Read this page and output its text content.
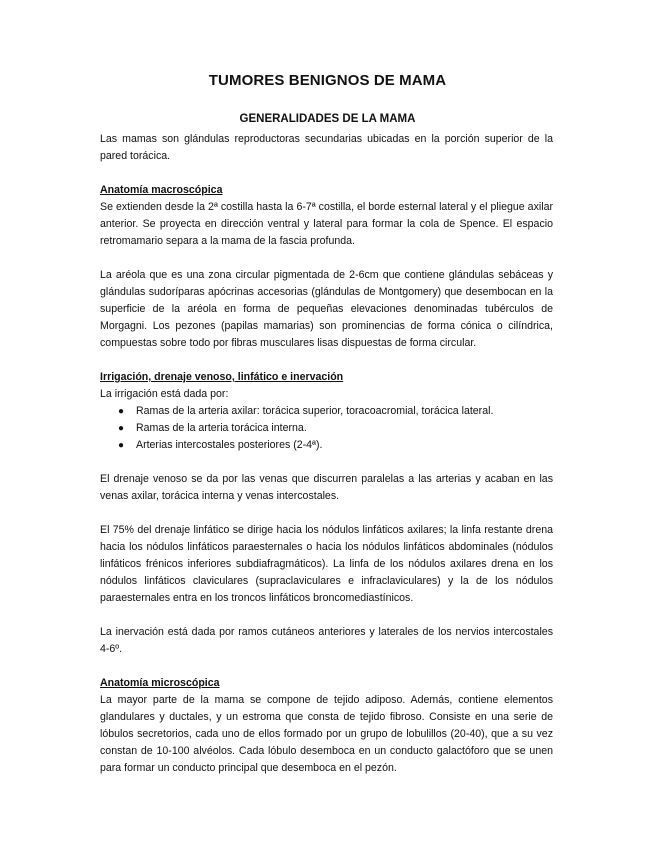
TUMORES BENIGNOS DE MAMA
GENERALIDADES DE LA MAMA
Las mamas son glándulas reproductoras secundarias ubicadas en la porción superior de la pared torácica.
Anatomía macroscópica
Se extienden desde la 2ª costilla hasta la 6-7ª costilla, el borde esternal lateral y el pliegue axilar anterior. Se proyecta en dirección ventral y lateral para formar la cola de Spence. El espacio retromamario separa a la mama de la fascia profunda.
La aréola que es una zona circular pigmentada de 2-6cm que contiene glándulas sebáceas y glándulas sudoríparas apócrinas accesorias (glándulas de Montgomery) que desembocan en la superficie de la aréola en forma de pequeñas elevaciones denominadas tubérculos de Morgagni. Los pezones (papilas mamarias) son prominencias de forma cónica o cilíndrica, compuestas sobre todo por fibras musculares lisas dispuestas de forma circular.
Irrigación, drenaje venoso, linfático e inervación
La irrigación está dada por:
● Ramas de la arteria axilar: torácica superior, toracoacromial, torácica lateral.
● Ramas de la arteria torácica interna.
● Arterias intercostales posteriores (2-4ª).
El drenaje venoso se da por las venas que discurren paralelas a las arterias y acaban en las venas axilar, torácica interna y venas intercostales.
El 75% del drenaje linfático se dirige hacia los nódulos linfáticos axilares; la linfa restante drena hacia los nódulos linfáticos paraesternales o hacia los nódulos linfáticos abdominales (nódulos linfáticos frénicos inferiores subdiafragmáticos). La linfa de los nódulos axilares drena en los nódulos linfáticos claviculares (supraclaviculares e infraclaviculares) y la de los nódulos paraesternales entra en los troncos linfáticos broncomediastínicos.
La inervación está dada por ramos cutáneos anteriores y laterales de los nervios intercostales 4-6º.
Anatomía microscópica
La mayor parte de la mama se compone de tejido adiposo. Además, contiene elementos glandulares y ductales, y un estroma que consta de tejido fibroso. Consiste en una serie de lóbulos secretorios, cada uno de ellos formado por un grupo de lobulillos (20-40), que a su vez constan de 10-100 alvéolos. Cada lóbulo desemboca en un conducto galactóforo que se unen para formar un conducto principal que desemboca en el pezón.
